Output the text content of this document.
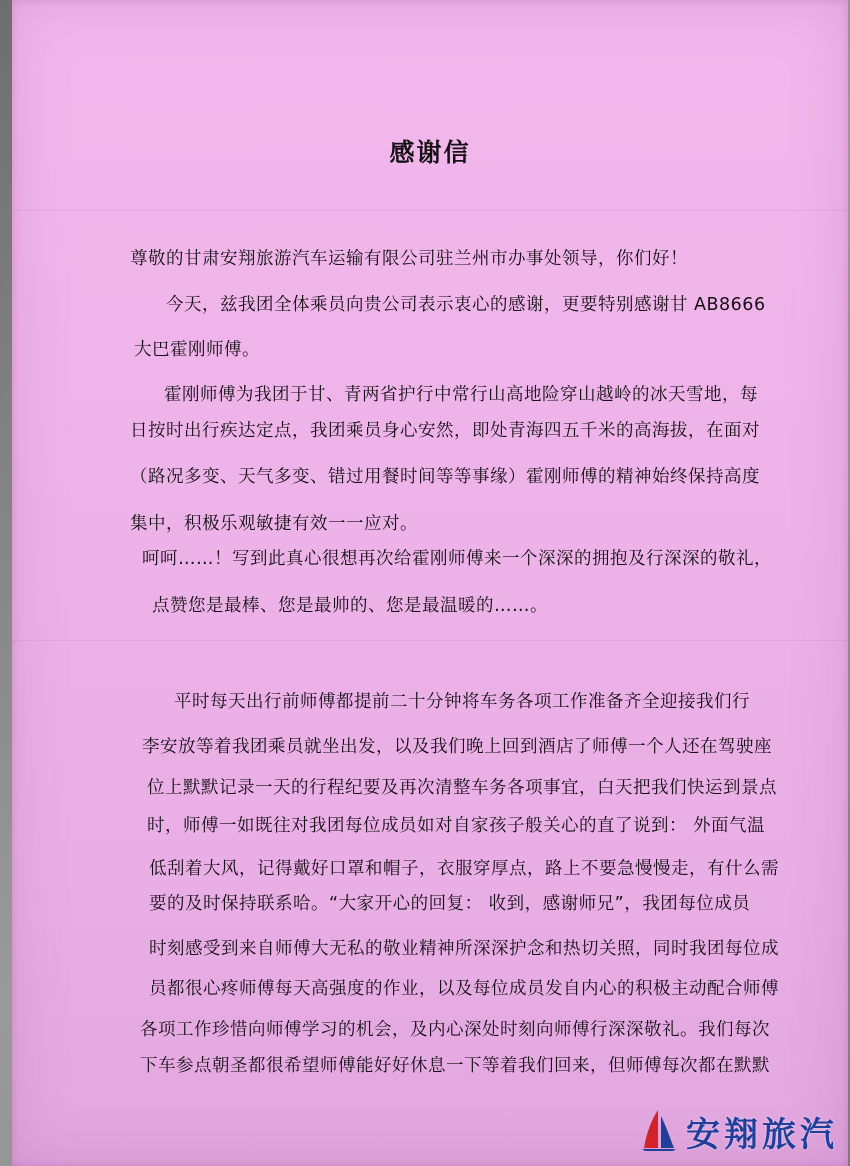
感谢信

尊敬的甘肃安翔旅游汽车运输有限公司驻兰州市办事处领导，你们好！

今天，兹我团全体乘员向贵公司表示衷心的感谢，更要特别感谢甘 AB8666

大巴霍刚师傅。

霍刚师傅为我团于甘、青两省护行中常行山高地险穿山越岭的冰天雪地，每

日按时出行疾达定点，我团乘员身心安然，即处青海四五千米的高海拔，在面对

（路况多变、天气多变、错过用餐时间等等事缘）霍刚师傅的精神始终保持高度

集中，积极乐观敏捷有效一一应对。

呵呵……！写到此真心很想再次给霍刚师傅来一个深深的拥抱及行深深的敬礼，

点赞您是最棒、您是最帅的、您是最温暖的……。

平时每天出行前师傅都提前二十分钟将车务各项工作准备齐全迎接我们行

李安放等着我团乘员就坐出发，以及我们晚上回到酒店了师傅一个人还在驾驶座

位上默默记录一天的行程纪要及再次清整车务各项事宜，白天把我们快运到景点

时，师傅一如既往对我团每位成员如对自家孩子般关心的直了说到： 外面气温

低刮着大风，记得戴好口罩和帽子，衣服穿厚点，路上不要急慢慢走，有什么需

要的及时保持联系哈。“大家开心的回复： 收到，感谢师兄”，我团每位成员

时刻感受到来自师傅大无私的敬业精神所深深护念和热切关照，同时我团每位成

员都很心疼师傅每天高强度的作业，以及每位成员发自内心的积极主动配合师傅

各项工作珍惜向师傅学习的机会，及内心深处时刻向师傅行深深敬礼。我们每次

下车参点朝圣都很希望师傅能好好休息一下等着我们回来，但师傅每次都在默默

安翔旅汽
